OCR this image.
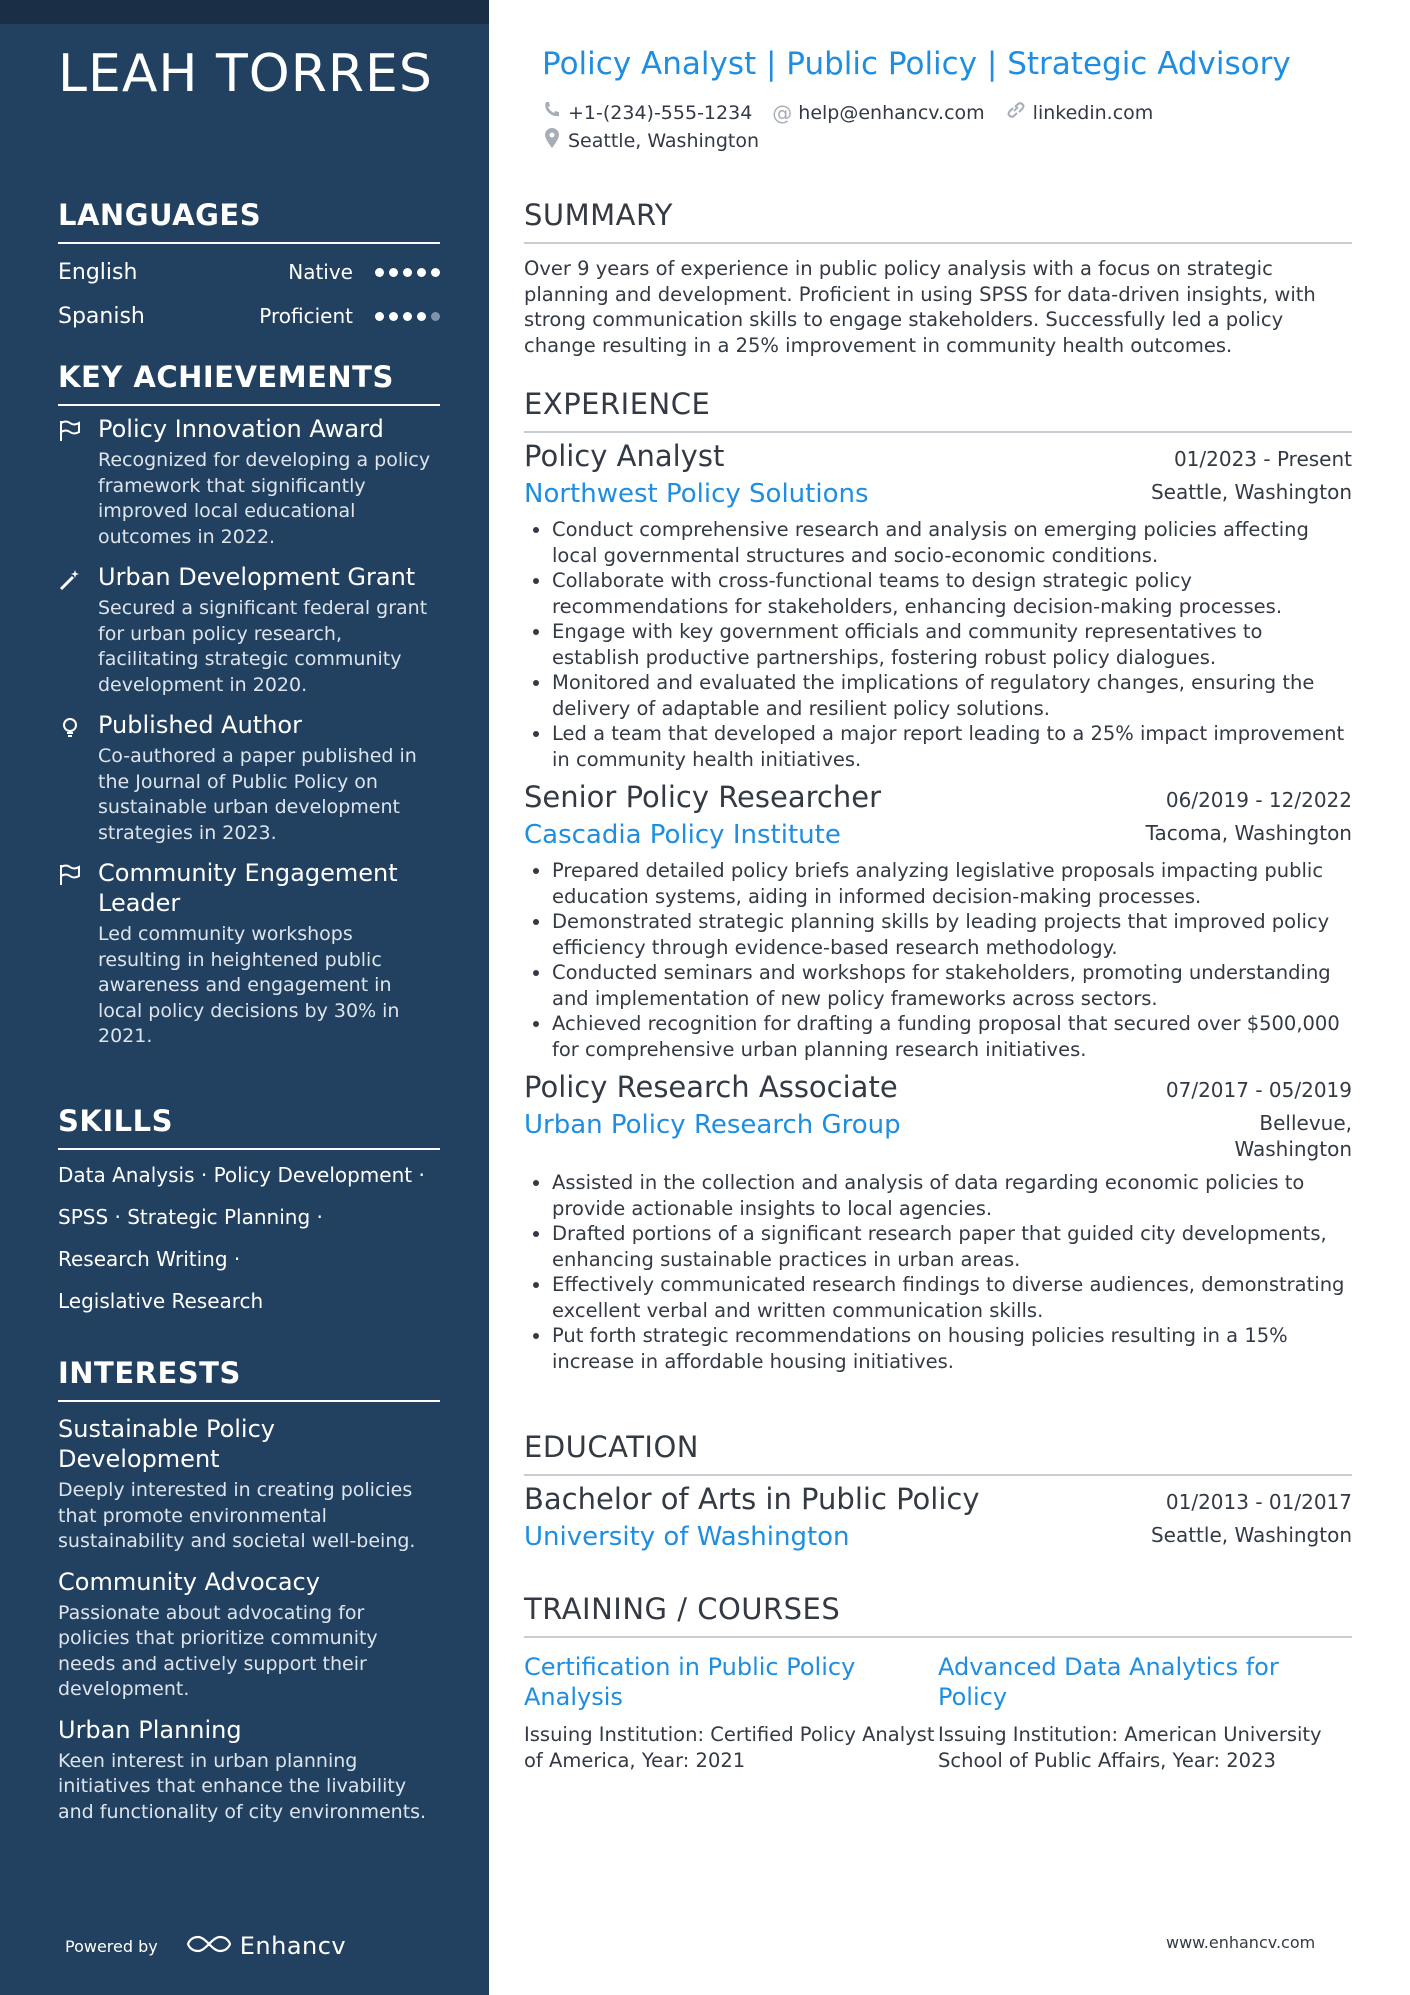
LEAH TORRES
LANGUAGES
English	Native
Spanish	Proficient
KEY ACHIEVEMENTS
Policy Innovation Award
Recognized for developing a policy framework that significantly improved local educational outcomes in 2022.
Urban Development Grant
Secured a significant federal grant for urban policy research, facilitating strategic community development in 2020.
Published Author
Co-authored a paper published in the Journal of Public Policy on sustainable urban development strategies in 2023.
Community Engagement Leader
Led community workshops resulting in heightened public awareness and engagement in local policy decisions by 30% in 2021.
SKILLS
Data Analysis · Policy Development ·
SPSS · Strategic Planning ·
Research Writing ·
Legislative Research
INTERESTS
Sustainable Policy Development
Deeply interested in creating policies that promote environmental sustainability and societal well-being.
Community Advocacy
Passionate about advocating for policies that prioritize community needs and actively support their development.
Urban Planning
Keen interest in urban planning initiatives that enhance the livability and functionality of city environments.
Powered by	Enhancv
Policy Analyst | Public Policy | Strategic Advisory
+1-(234)-555-1234 @ help@enhancv.com	linkedin.com
Seattle, Washington
SUMMARY
Over 9 years of experience in public policy analysis with a focus on strategic planning and development. Proficient in using SPSS for data-driven insights, with strong communication skills to engage stakeholders. Successfully led a policy change resulting in a 25% improvement in community health outcomes.
EXPERIENCE
Policy Analyst	01/2023 - Present
Northwest Policy Solutions	Seattle, Washington
• Conduct comprehensive research and analysis on emerging policies affecting local governmental structures and socio-economic conditions.
• Collaborate with cross-functional teams to design strategic policy recommendations for stakeholders, enhancing decision-making processes.
• Engage with key government officials and community representatives to establish productive partnerships, fostering robust policy dialogues.
• Monitored and evaluated the implications of regulatory changes, ensuring the delivery of adaptable and resilient policy solutions.
• Led a team that developed a major report leading to a 25% impact improvement in community health initiatives.
Senior Policy Researcher	06/2019 - 12/2022
Cascadia Policy Institute	Tacoma, Washington
• Prepared detailed policy briefs analyzing legislative proposals impacting public education systems, aiding in informed decision-making processes.
• Demonstrated strategic planning skills by leading projects that improved policy efficiency through evidence-based research methodology.
• Conducted seminars and workshops for stakeholders, promoting understanding and implementation of new policy frameworks across sectors.
• Achieved recognition for drafting a funding proposal that secured over $500,000 for comprehensive urban planning research initiatives.
Policy Research Associate	07/2017 - 05/2019
Urban Policy Research Group	Bellevue,
Washington
• Assisted in the collection and analysis of data regarding economic policies to provide actionable insights to local agencies.
• Drafted portions of a significant research paper that guided city developments, enhancing sustainable practices in urban areas.
• Effectively communicated research findings to diverse audiences, demonstrating excellent verbal and written communication skills.
• Put forth strategic recommendations on housing policies resulting in a 15% increase in affordable housing initiatives.
EDUCATION
Bachelor of Arts in Public Policy	01/2013 - 01/2017
University of Washington	Seattle, Washington
TRAINING / COURSES
Certification in Public Policy Analysis
Issuing Institution: Certified Policy Analyst of America, Year: 2021
Advanced Data Analytics for Policy
Issuing Institution: American University School of Public Affairs, Year: 2023
www.enhancv.com
